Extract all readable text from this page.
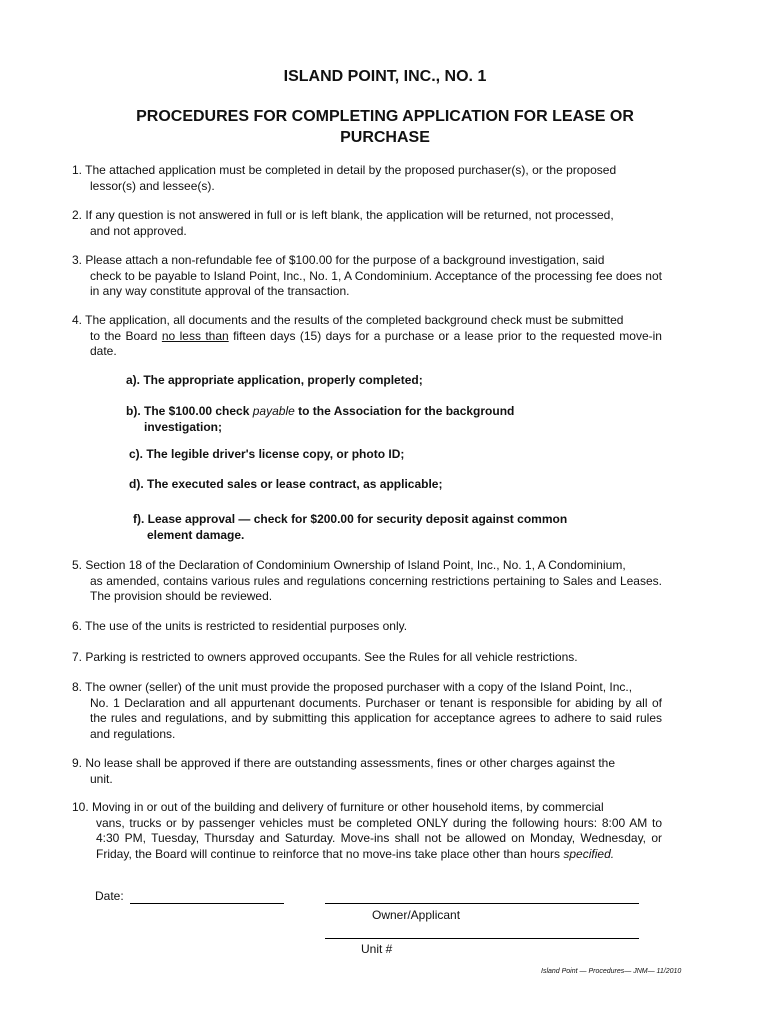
ISLAND POINT, INC., NO. 1
PROCEDURES FOR COMPLETING APPLICATION FOR LEASE OR PURCHASE
1. The attached application must be completed in detail by the proposed purchaser(s), or the proposed
lessor(s) and lessee(s).
2. If any question is not answered in full or is left blank, the application will be returned, not processed,
and not approved.
3. Please attach a non-refundable fee of $100.00 for the purpose of a background investigation, said
check to be payable to Island Point, Inc., No. 1, A Condominium. Acceptance of the processing fee does not in any way constitute approval of the transaction.
4. The application, all documents and the results of the completed background check must be submitted
to the Board no less than fifteen days (15) days for a purchase or a lease prior to the requested move-in date.
a). The appropriate application, properly completed;
b). The $100.00 check payable to the Association for the background
investigation;
c). The legible driver's license copy, or photo ID;
d). The executed sales or lease contract, as applicable;
f). Lease approval — check for $200.00 for security deposit against common
element damage.
5. Section 18 of the Declaration of Condominium Ownership of Island Point, Inc., No. 1, A Condominium,
as amended, contains various rules and regulations concerning restrictions pertaining to Sales and Leases. The provision should be reviewed.
6. The use of the units is restricted to residential purposes only.
7. Parking is restricted to owners approved occupants. See the Rules for all vehicle restrictions.
8. The owner (seller) of the unit must provide the proposed purchaser with a copy of the Island Point, Inc.,
No. 1 Declaration and all appurtenant documents. Purchaser or tenant is responsible for abiding by all of the rules and regulations, and by submitting this application for acceptance agrees to adhere to said rules and regulations.
9. No lease shall be approved if there are outstanding assessments, fines or other charges against the
unit.
10. Moving in or out of the building and delivery of furniture or other household items, by commercial
vans, trucks or by passenger vehicles must be completed ONLY during the following hours: 8:00 AM to 4:30 PM, Tuesday, Thursday and Saturday. Move-ins shall not be allowed on Monday, Wednesday, or Friday, the Board will continue to reinforce that no move-ins take place other than hours specified.
Date:
Owner/Applicant
Unit #
Island Point — Procedures— JNM— 11/2010
